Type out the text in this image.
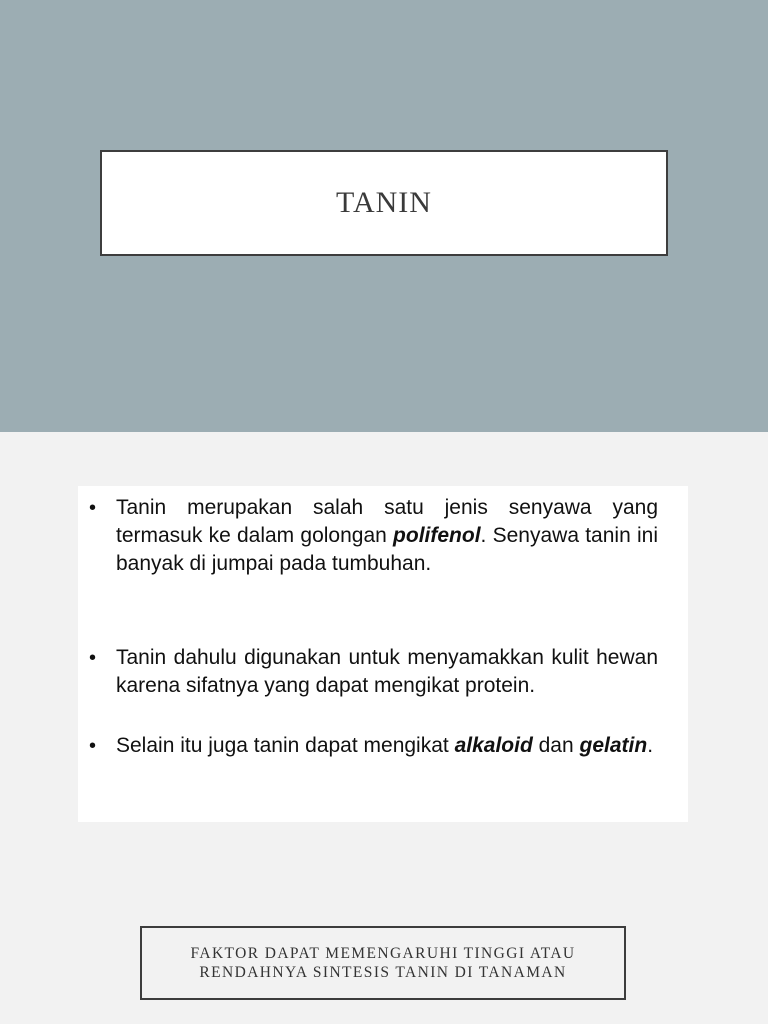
TANIN
• Tanin merupakan salah satu jenis senyawa yang termasuk ke dalam golongan polifenol. Senyawa tanin ini banyak di jumpai pada tumbuhan.
• Tanin dahulu digunakan untuk menyamakkan kulit hewan karena sifatnya yang dapat mengikat protein.
• Selain itu juga tanin dapat mengikat alkaloid dan gelatin.
FAKTOR DAPAT MEMENGARUHI TINGGI ATAU
RENDAHNYA SINTESIS TANIN DI TANAMAN
